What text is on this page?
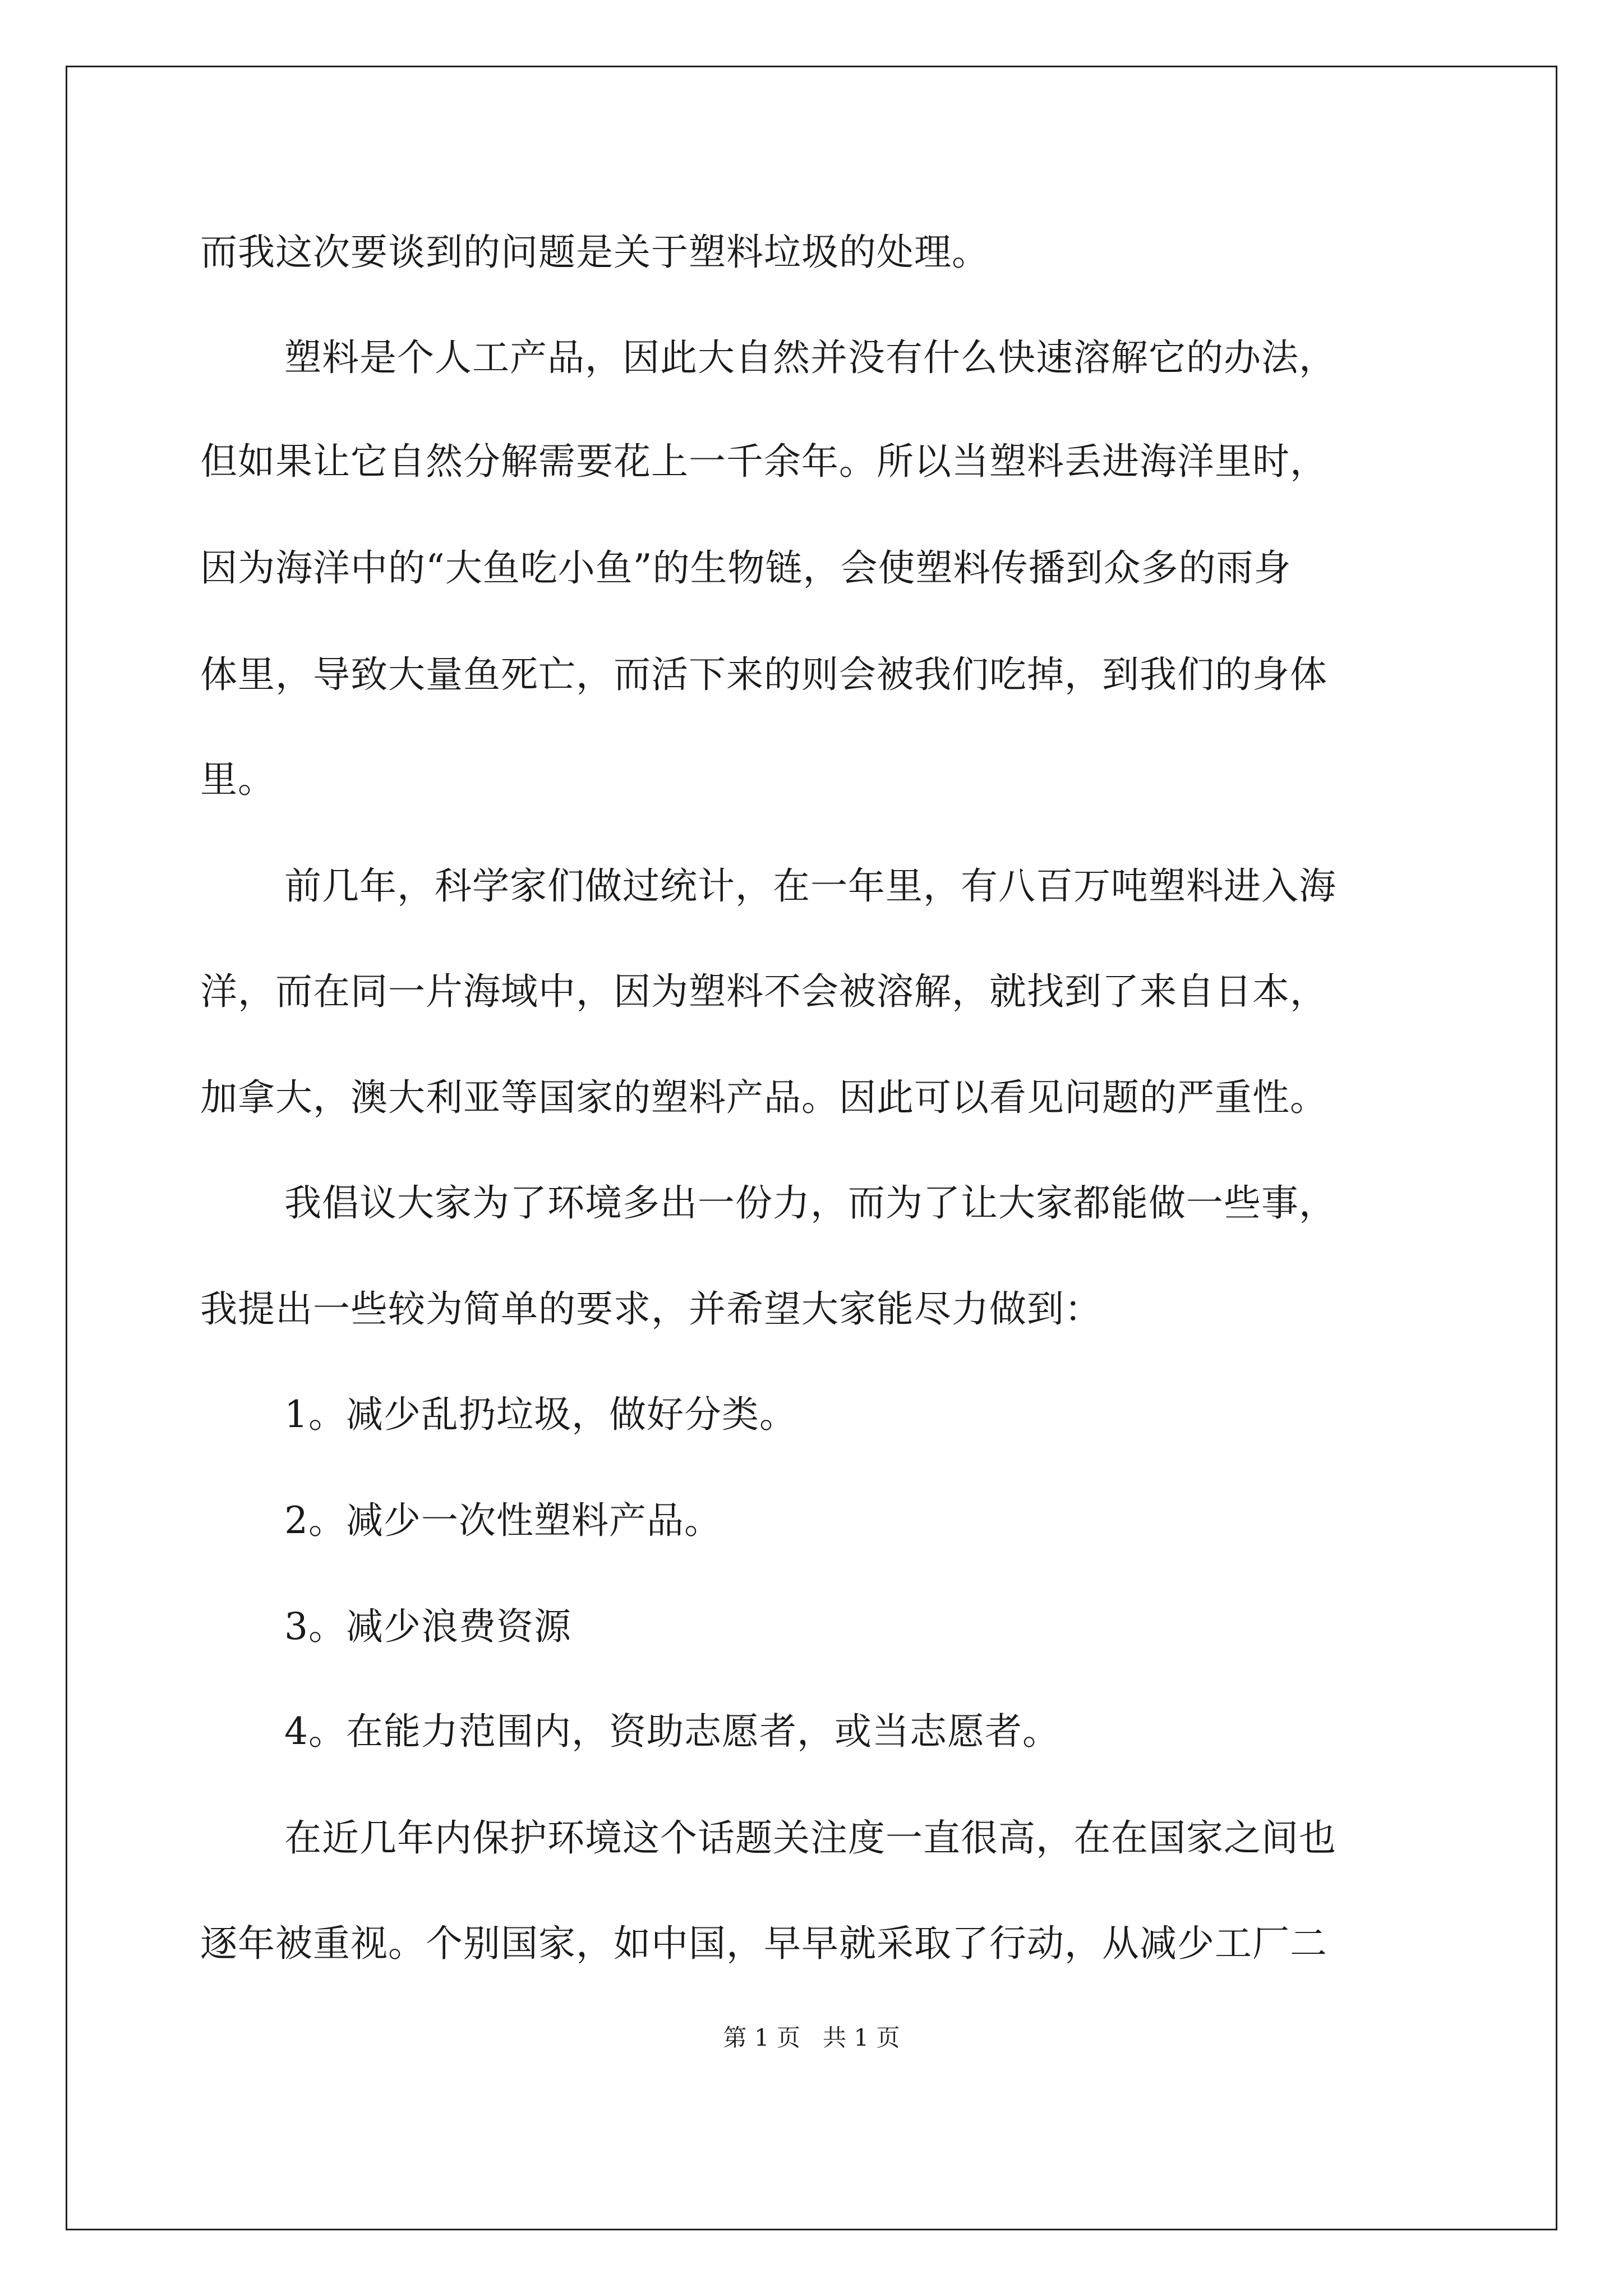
而我这次要谈到的问题是关于塑料垃圾的处理。
塑料是个人工产品，因此大自然并没有什么快速溶解它的办法，
但如果让它自然分解需要花上一千余年。所以当塑料丢进海洋里时，
因为海洋中的“大鱼吃小鱼”的生物链，会使塑料传播到众多的雨身
体里，导致大量鱼死亡，而活下来的则会被我们吃掉，到我们的身体
里。
前几年，科学家们做过统计，在一年里，有八百万吨塑料进入海
洋，而在同一片海域中，因为塑料不会被溶解，就找到了来自日本，
加拿大，澳大利亚等国家的塑料产品。因此可以看见问题的严重性。
我倡议大家为了环境多出一份力，而为了让大家都能做一些事，
我提出一些较为简单的要求，并希望大家能尽力做到：
1。减少乱扔垃圾，做好分类。
2。减少一次性塑料产品。
3。减少浪费资源
4。在能力范围内，资助志愿者，或当志愿者。
在近几年内保护环境这个话题关注度一直很高，在在国家之间也
逐年被重视。个别国家，如中国，早早就采取了行动，从减少工厂二
第 1 页   共 1 页
